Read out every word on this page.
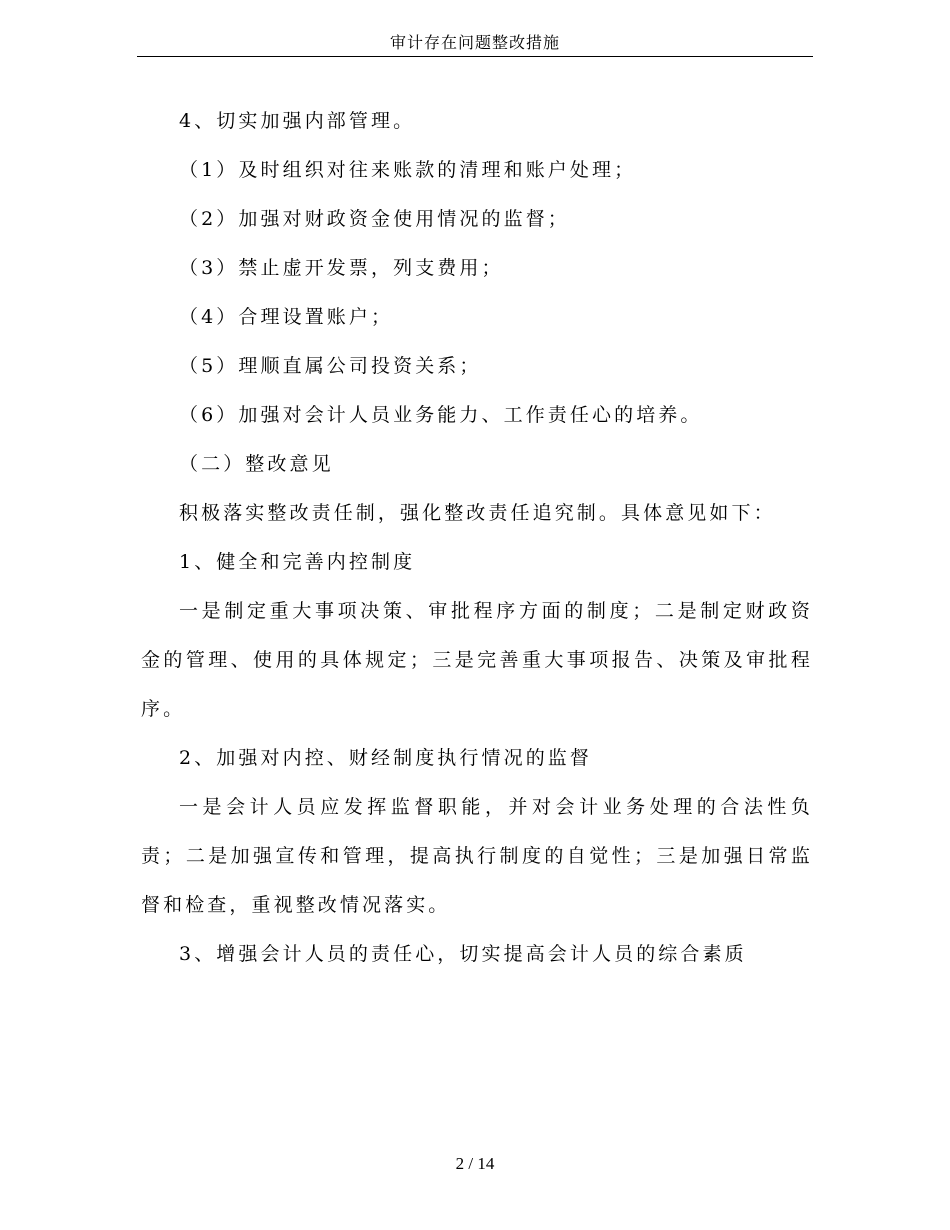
审计存在问题整改措施

4、切实加强内部管理。

（1）及时组织对往来账款的清理和账户处理；

（2）加强对财政资金使用情况的监督；

（3）禁止虚开发票，列支费用；

（4）合理设置账户；

（5）理顺直属公司投资关系；

（6）加强对会计人员业务能力、工作责任心的培养。

（二）整改意见

积极落实整改责任制，强化整改责任追究制。具体意见如下：

1、健全和完善内控制度

一是制定重大事项决策、审批程序方面的制度；二是制定财政资金的管理、使用的具体规定；三是完善重大事项报告、决策及审批程序。

2、加强对内控、财经制度执行情况的监督

一是会计人员应发挥监督职能，并对会计业务处理的合法性负责；二是加强宣传和管理，提高执行制度的自觉性；三是加强日常监督和检查，重视整改情况落实。

3、增强会计人员的责任心，切实提高会计人员的综合素质

2 / 14
